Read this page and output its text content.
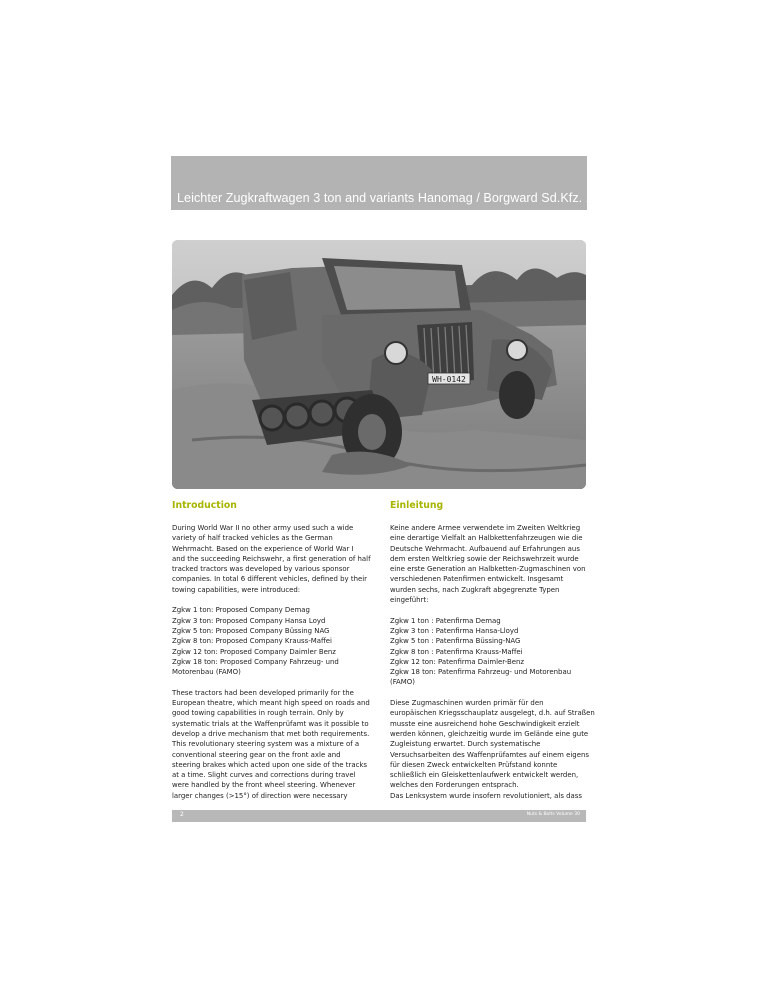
Leichter Zugkraftwagen 3 ton and variants Hanomag / Borgward Sd.Kfz. 11
WH-0142
Introduction
During World War II no other army used such a wide
variety of half tracked vehicles as the German
Wehrmacht. Based on the experience of World War I
and the succeeding Reichswehr, a first generation of half
tracked tractors was developed by various sponsor
companies. In total 6 different vehicles, defined by their
towing capabilities, were introduced:
Zgkw 1 ton: Proposed Company Demag
Zgkw 3 ton: Proposed Company Hansa Loyd
Zgkw 5 ton: Proposed Company Büssing NAG
Zgkw 8 ton: Proposed Company Krauss-Maffei
Zgkw 12 ton: Proposed Company Daimler Benz
Zgkw 18 ton: Proposed Company Fahrzeug- und
Motorenbau (FAMO)
These tractors had been developed primarily for the
European theatre, which meant high speed on roads and
good towing capabilities in rough terrain. Only by
systematic trials at the Waffenprüfamt was it possible to
develop a drive mechanism that met both requirements.
This revolutionary steering system was a mixture of a
conventional steering gear on the front axle and
steering brakes which acted upon one side of the tracks
at a time. Slight curves and corrections during travel
were handled by the front wheel steering. Whenever
larger changes (>15°) of direction were necessary
Einleitung
Keine andere Armee verwendete im Zweiten Weltkrieg
eine derartige Vielfalt an Halbkettenfahrzeugen wie die
Deutsche Wehrmacht. Aufbauend auf Erfahrungen aus
dem ersten Weltkrieg sowie der Reichswehrzeit wurde
eine erste Generation an Halbketten-Zugmaschinen von
verschiedenen Patenfirmen entwickelt. Insgesamt
wurden sechs, nach Zugkraft abgegrenzte Typen
eingeführt:
Zgkw 1 ton : Patenfirma Demag
Zgkw 3 ton : Patenfirma Hansa-Lloyd
Zgkw 5 ton : Patenfirma Büssing-NAG
Zgkw 8 ton : Patenfirma Krauss-Maffei
Zgkw 12 ton: Patenfirma Daimler-Benz
Zgkw 18 ton: Patenfirma Fahrzeug- und Motorenbau
(FAMO)
Diese Zugmaschinen wurden primär für den
europäischen Kriegsschauplatz ausgelegt, d.h. auf Straßen
musste eine ausreichend hohe Geschwindigkeit erzielt
werden können, gleichzeitig wurde im Gelände eine gute
Zugleistung erwartet. Durch systematische
Versuchsarbeiten des Waffenprüfamtes auf einem eigens
für diesen Zweck entwickelten Prüfstand konnte
schließlich ein Gleiskettenlaufwerk entwickelt werden,
welches den Forderungen entsprach.
Das Lenksystem wurde insofern revolutioniert, als dass
2	Nuts & Bolts Volume 30
